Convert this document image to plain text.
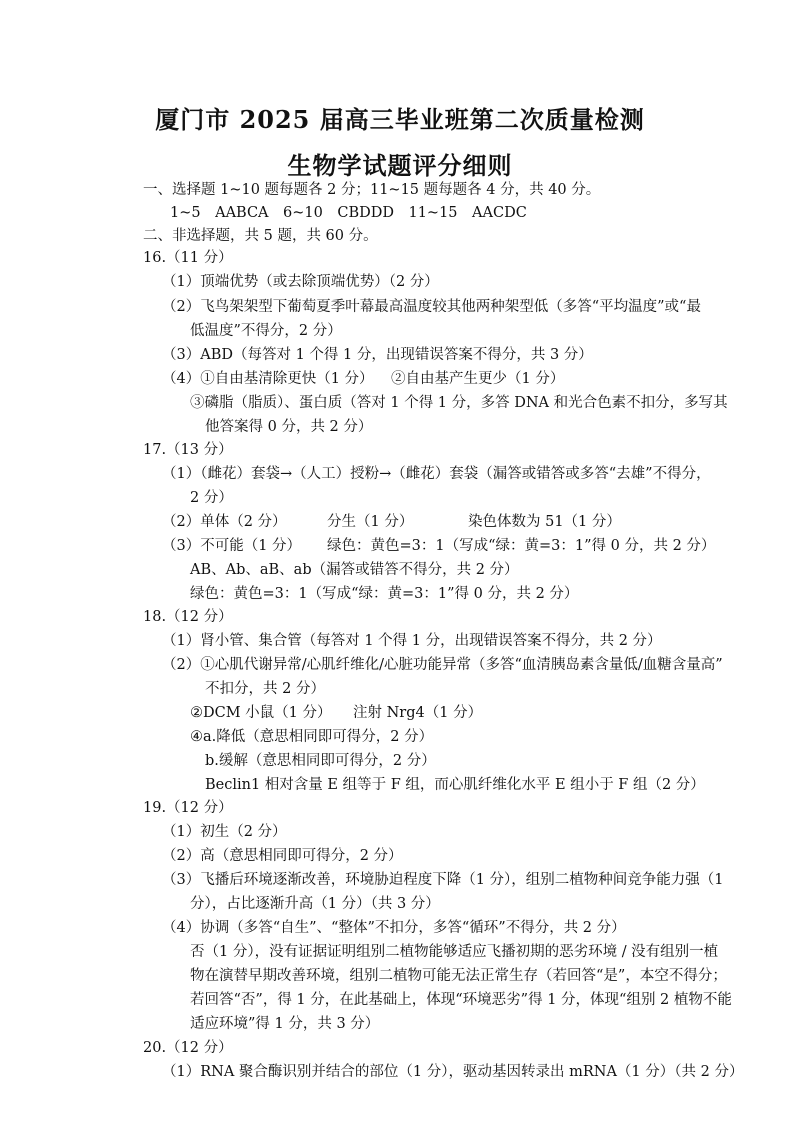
厦门市 2025 届高三毕业班第二次质量检测
生物学试题评分细则
一、选择题 1~10 题每题各 2 分；11~15 题每题各 4 分，共 40 分。
1~5　AABCA　6~10　CBDDD　11~15　AACDC
二、非选择题，共 5 题，共 60 分。
16.（11 分）
（1）顶端优势（或去除顶端优势）（2 分）
（2）飞鸟架架型下葡萄夏季叶幕最高温度较其他两种架型低（多答“平均温度”或“最
低温度”不得分，2 分）
（3）ABD（每答对 1 个得 1 分，出现错误答案不得分，共 3 分）
（4）①自由基清除更快（1 分） ②自由基产生更少（1 分）
③磷脂（脂质）、蛋白质（答对 1 个得 1 分，多答 DNA 和光合色素不扣分，多写其
他答案得 0 分，共 2 分）
17.（13 分）
（1）（雌花）套袋→（人工）授粉→（雌花）套袋（漏答或错答或多答“去雄”不得分，
2 分）
（2）单体（2 分）	分生（1 分）	染色体数为 51（1 分）
（3）不可能（1 分） 绿色：黄色=3：1（写成“绿：黄=3：1”得 0 分，共 2 分）
AB、Ab、aB、ab（漏答或错答不得分，共 2 分）
绿色：黄色=3：1（写成“绿：黄=3：1”得 0 分，共 2 分）
18.（12 分）
（1）肾小管、集合管（每答对 1 个得 1 分，出现错误答案不得分，共 2 分）
（2）①心肌代谢异常/心肌纤维化/心脏功能异常（多答“血清胰岛素含量低/血糖含量高”
不扣分，共 2 分）
②DCM 小鼠（1 分） 注射 Nrg4（1 分）
④a.降低（意思相同即可得分，2 分）
b.缓解（意思相同即可得分，2 分）
Beclin1 相对含量 E 组等于 F 组，而心肌纤维化水平 E 组小于 F 组（2 分）
19.（12 分）
（1）初生（2 分）
（2）高（意思相同即可得分，2 分）
（3）飞播后环境逐渐改善，环境胁迫程度下降（1 分），组别二植物种间竞争能力强（1
分），占比逐渐升高（1 分）（共 3 分）
（4）协调（多答“自生”、“整体”不扣分，多答“循环”不得分，共 2 分）
否（1 分），没有证据证明组别二植物能够适应飞播初期的恶劣环境 / 没有组别一植
物在演替早期改善环境，组别二植物可能无法正常生存（若回答“是”，本空不得分；
若回答“否”，得 1 分，在此基础上，体现“环境恶劣”得 1 分，体现“组别 2 植物不能
适应环境”得 1 分，共 3 分）
20.（12 分）
（1）RNA 聚合酶识别并结合的部位（1 分），驱动基因转录出 mRNA（1 分）（共 2 分）
